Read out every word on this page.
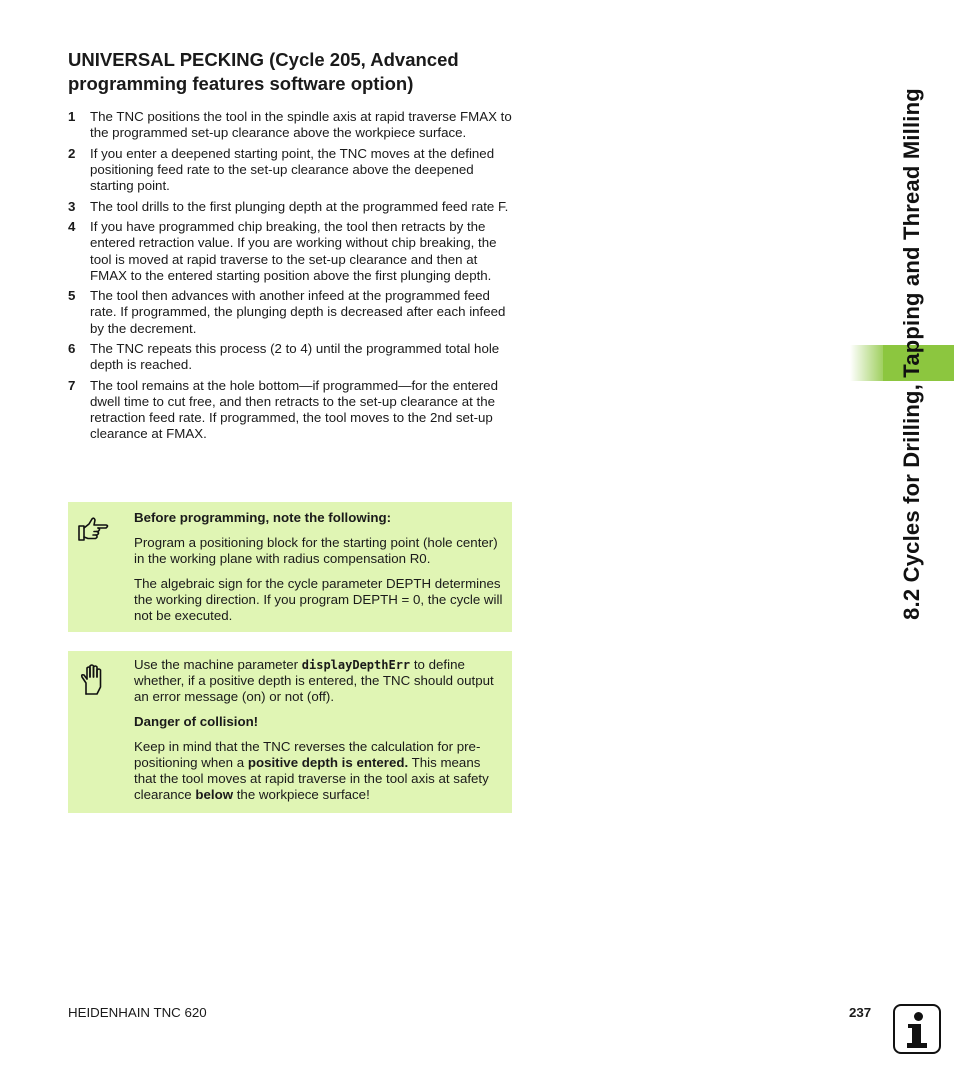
UNIVERSAL PECKING (Cycle 205, Advanced programming features software option)
1	The TNC positions the tool in the spindle axis at rapid traverse FMAX to the programmed set-up clearance above the workpiece surface.
2	If you enter a deepened starting point, the TNC moves at the defined positioning feed rate to the set-up clearance above the deepened starting point.
3	The tool drills to the first plunging depth at the programmed feed rate F.
4	If you have programmed chip breaking, the tool then retracts by the entered retraction value. If you are working without chip breaking, the tool is moved at rapid traverse to the set-up clearance and then at FMAX to the entered starting position above the first plunging depth.
5	The tool then advances with another infeed at the programmed feed rate. If programmed, the plunging depth is decreased after each infeed by the decrement.
6	The TNC repeats this process (2 to 4) until the programmed total hole depth is reached.
7	The tool remains at the hole bottom—if programmed—for the entered dwell time to cut free, and then retracts to the set-up clearance at the retraction feed rate. If programmed, the tool moves to the 2nd set-up clearance at FMAX.

Before programming, note the following:

Program a positioning block for the starting point (hole center) in the working plane with radius compensation R0.

The algebraic sign for the cycle parameter DEPTH determines the working direction. If you program DEPTH = 0, the cycle will not be executed.

Use the machine parameter displayDepthErr to define whether, if a positive depth is entered, the TNC should output an error message (on) or not (off).

Danger of collision!

Keep in mind that the TNC reverses the calculation for pre-positioning when a positive depth is entered. This means that the tool moves at rapid traverse in the tool axis at safety clearance below the workpiece surface!

8.2 Cycles for Drilling, Tapping and Thread Milling
HEIDENHAIN TNC 620	237
